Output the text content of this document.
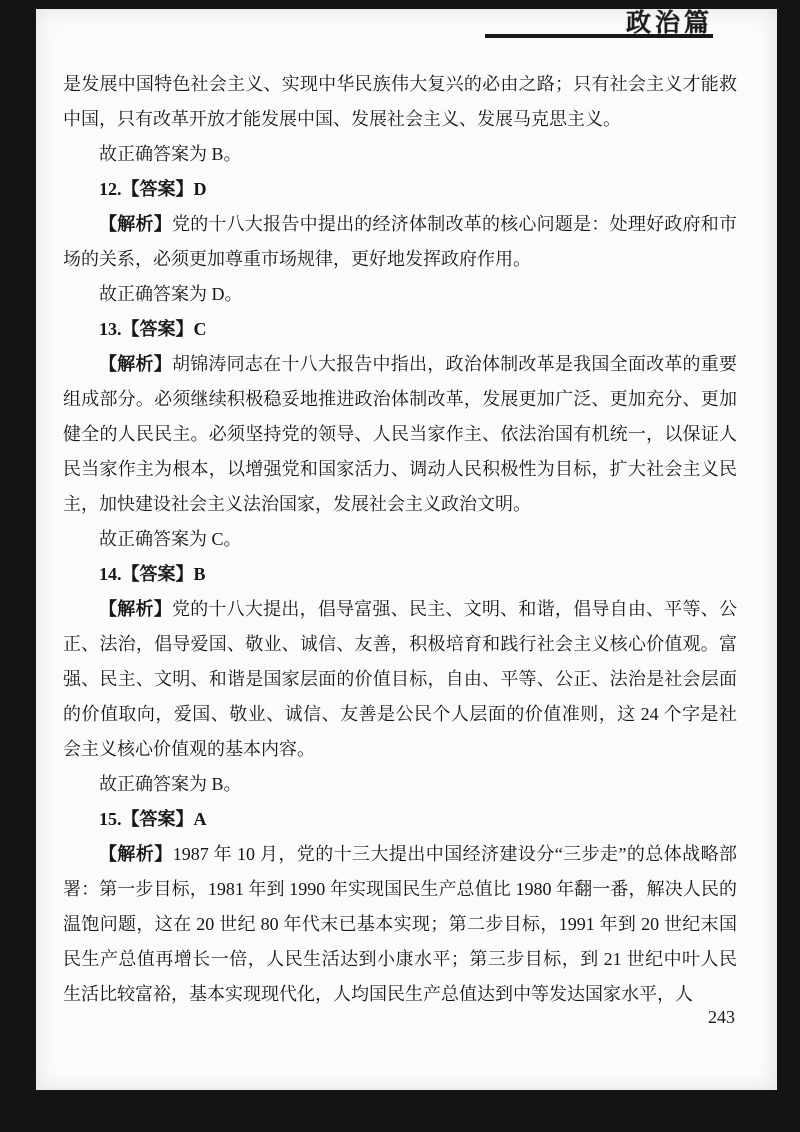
政治篇

是发展中国特色社会主义、实现中华民族伟大复兴的必由之路；只有社会主义才能救中国，只有改革开放才能发展中国、发展社会主义、发展马克思主义。

故正确答案为 B。

12.【答案】D

【解析】党的十八大报告中提出的经济体制改革的核心问题是：处理好政府和市场的关系，必须更加尊重市场规律，更好地发挥政府作用。

故正确答案为 D。

13.【答案】C

【解析】胡锦涛同志在十八大报告中指出，政治体制改革是我国全面改革的重要组成部分。必须继续积极稳妥地推进政治体制改革，发展更加广泛、更加充分、更加健全的人民民主。必须坚持党的领导、人民当家作主、依法治国有机统一，以保证人民当家作主为根本，以增强党和国家活力、调动人民积极性为目标，扩大社会主义民主，加快建设社会主义法治国家，发展社会主义政治文明。

故正确答案为 C。

14.【答案】B

【解析】党的十八大提出，倡导富强、民主、文明、和谐，倡导自由、平等、公正、法治，倡导爱国、敬业、诚信、友善，积极培育和践行社会主义核心价值观。富强、民主、文明、和谐是国家层面的价值目标，自由、平等、公正、法治是社会层面的价值取向，爱国、敬业、诚信、友善是公民个人层面的价值准则，这 24 个字是社会主义核心价值观的基本内容。

故正确答案为 B。

15.【答案】A

【解析】1987 年 10 月，党的十三大提出中国经济建设分“三步走”的总体战略部署：第一步目标，1981 年到 1990 年实现国民生产总值比 1980 年翻一番，解决人民的温饱问题，这在 20 世纪 80 年代末已基本实现；第二步目标，1991 年到 20 世纪末国民生产总值再增长一倍，人民生活达到小康水平；第三步目标，到 21 世纪中叶人民生活比较富裕，基本实现现代化，人均国民生产总值达到中等发达国家水平，人

243
